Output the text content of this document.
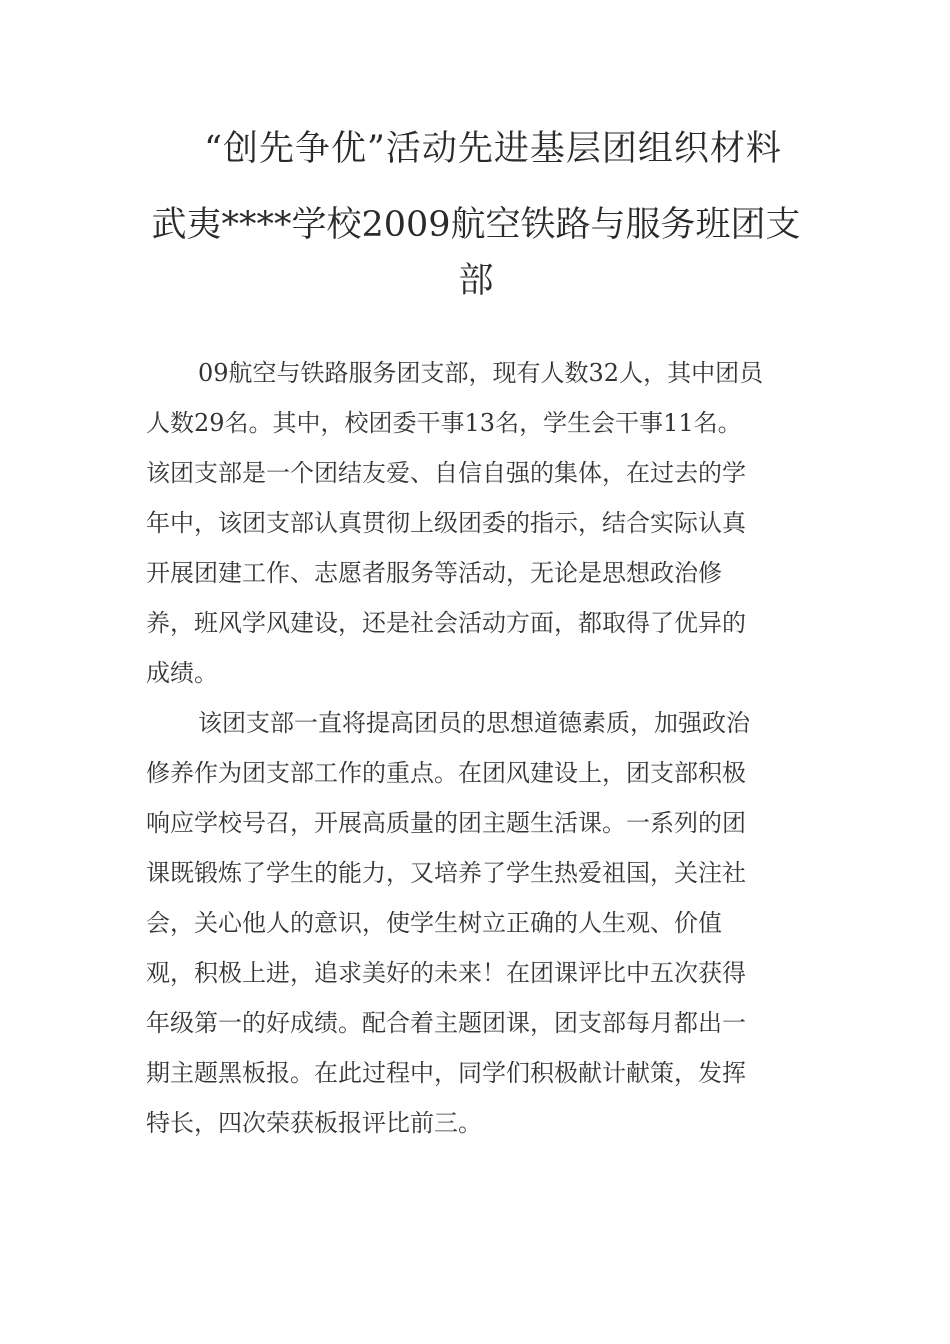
“创先争优”活动先进基层团组织材料
武夷****学校2009航空铁路与服务班团支部

09航空与铁路服务团支部，现有人数32人，其中团员
人数29名。其中，校团委干事13名，学生会干事11名。
该团支部是一个团结友爱、自信自强的集体，在过去的学
年中，该团支部认真贯彻上级团委的指示，结合实际认真
开展团建工作、志愿者服务等活动，无论是思想政治修
养，班风学风建设，还是社会活动方面，都取得了优异的
成绩。

该团支部一直将提高团员的思想道德素质，加强政治
修养作为团支部工作的重点。在团风建设上，团支部积极
响应学校号召，开展高质量的团主题生活课。一系列的团
课既锻炼了学生的能力，又培养了学生热爱祖国，关注社
会，关心他人的意识，使学生树立正确的人生观、价值
观，积极上进，追求美好的未来！在团课评比中五次获得
年级第一的好成绩。配合着主题团课，团支部每月都出一
期主题黑板报。在此过程中，同学们积极献计献策，发挥
特长，四次荣获板报评比前三。
